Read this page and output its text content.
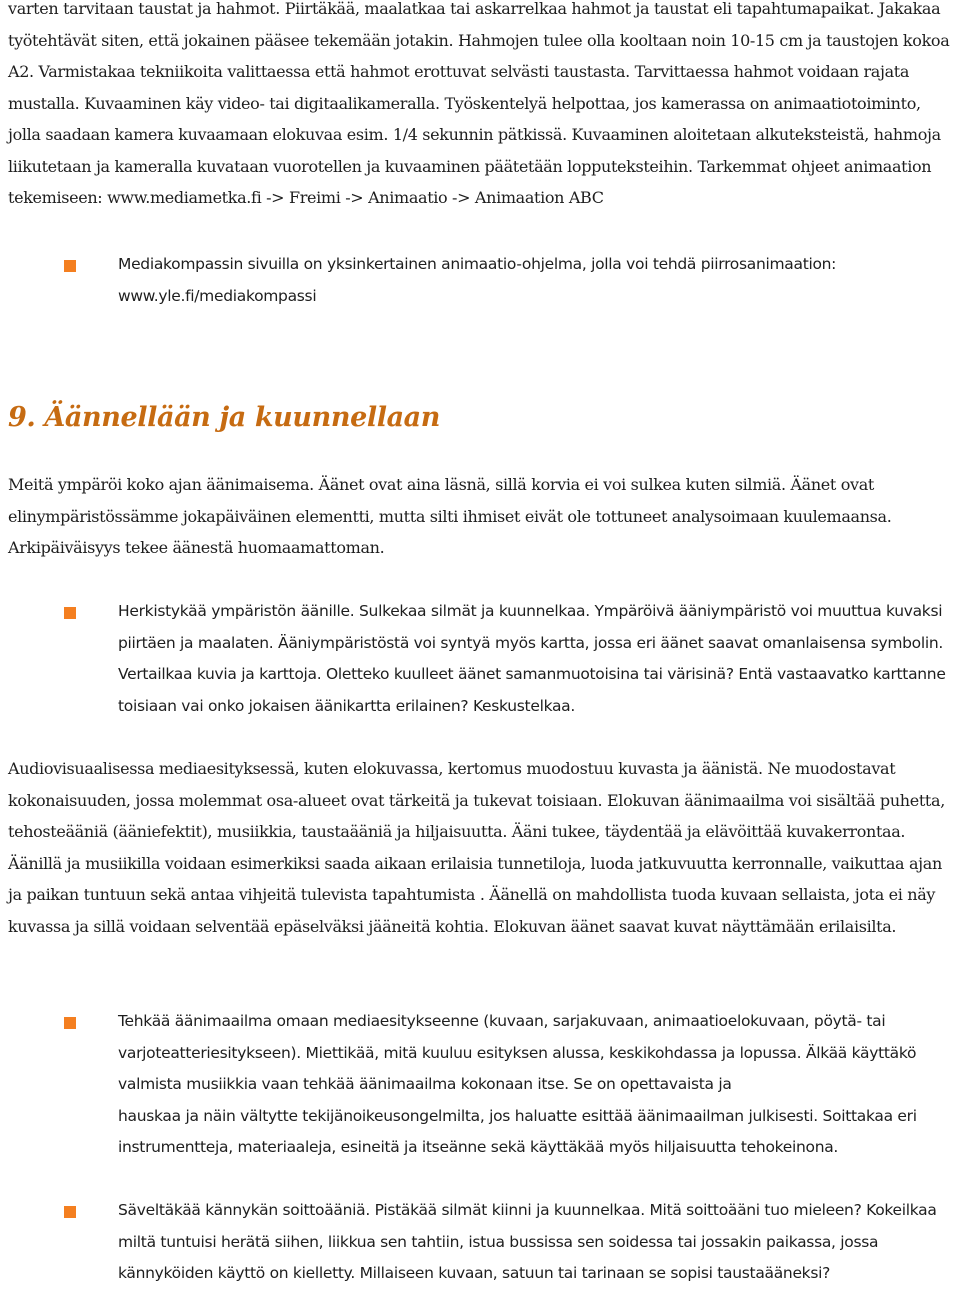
varten tarvitaan taustat ja hahmot. Piirtäkää, maalatkaa tai askarrelkaa hahmot ja taustat eli tapahtumapaikat. Jakakaa työtehtävät siten, että jokainen pääsee tekemään jotakin. Hahmojen tulee olla kooltaan noin 10-15 cm ja taustojen kokoa A2. Varmistakaa tekniikoita valittaessa että hahmot erottuvat selvästi taustasta. Tarvittaessa hahmot voidaan rajata mustalla. Kuvaaminen käy video- tai digitaalikameralla. Työskentelyä helpottaa, jos kamerassa on animaatiotoiminto, jolla saadaan kamera kuvaamaan elokuvaa esim. 1/4 sekunnin pätkissä. Kuvaaminen aloitetaan alkuteksteistä, hahmoja liikutetaan ja kameralla kuvataan vuorotellen ja kuvaaminen päätetään lopputeksteihin. Tarkemmat ohjeet animaation tekemiseen: www.mediametka.fi -> Freimi -> Animaatio -> Animaation ABC

Mediakompassin sivuilla on yksinkertainen animaatio-ohjelma, jolla voi tehdä piirrosanimaation: www.yle.fi/mediakompassi

9. Äännellään ja kuunnellaan

Meitä ympäröi koko ajan äänimaisema. Äänet ovat aina läsnä, sillä korvia ei voi sulkea kuten silmiä. Äänet ovat elinympäristössämme jokapäiväinen elementti, mutta silti ihmiset eivät ole tottuneet analysoimaan kuulemaansa. Arkipäiväisyys tekee äänestä huomaamattoman.

Herkistykää ympäristön äänille. Sulkekaa silmät ja kuunnelkaa. Ympäröivä ääniympäristö voi muuttua kuvaksi piirtäen ja maalaten. Ääniympäristöstä voi syntyä myös kartta, jossa eri äänet saavat omanlaisensa symbolin. Vertailkaa kuvia ja karttoja. Oletteko kuulleet äänet samanmuotoisina tai värisinä? Entä vastaavatko karttanne toisiaan vai onko jokaisen äänikartta erilainen? Keskustelkaa.

Audiovisuaalisessa mediaesityksessä, kuten elokuvassa, kertomus muodostuu kuvasta ja äänistä. Ne muodostavat kokonaisuuden, jossa molemmat osa-alueet ovat tärkeitä ja tukevat toisiaan. Elokuvan äänimaailma voi sisältää puhetta, tehosteääniä (ääniefektit), musiikkia, taustaääniä ja hiljaisuutta. Ääni tukee, täydentää ja elävöittää kuvakerrontaa. Äänillä ja musiikilla voidaan esimerkiksi saada aikaan erilaisia tunnetiloja, luoda jatkuvuutta kerronnalle, vaikuttaa ajan ja paikan tuntuun sekä antaa vihjeitä tulevista tapahtumista . Äänellä on mahdollista tuoda kuvaan sellaista, jota ei näy kuvassa ja sillä voidaan selventää epäselväksi jääneitä kohtia. Elokuvan äänet saavat kuvat näyttämään erilaisilta.

Tehkää äänimaailma omaan mediaesitykseenne (kuvaan, sarjakuvaan, animaatioelokuvaan, pöytä- tai
varjoteatteriesitykseen). Miettikää, mitä kuuluu esityksen alussa, keskikohdassa ja lopussa. Älkää käyttäkö
valmista musiikkia vaan tehkää äänimaailma kokonaan itse. Se on opettavaista ja
hauskaa ja näin vältytte tekijänoikeusongelmilta, jos haluatte esittää äänimaailman julkisesti. Soittakaa eri
instrumentteja, materiaaleja, esineitä ja itseänne sekä käyttäkää myös hiljaisuutta tehokeinona.

Säveltäkää kännykän soittoääniä. Pistäkää silmät kiinni ja kuunnelkaa. Mitä soittoääni tuo mieleen? Kokeilkaa miltä tuntuisi herätä siihen, liikkua sen tahtiin, istua bussissa sen soidessa tai jossakin paikassa, jossa kännyköiden käyttö on kielletty. Millaiseen kuvaan, satuun tai tarinaan se sopisi taustaääneksi?
